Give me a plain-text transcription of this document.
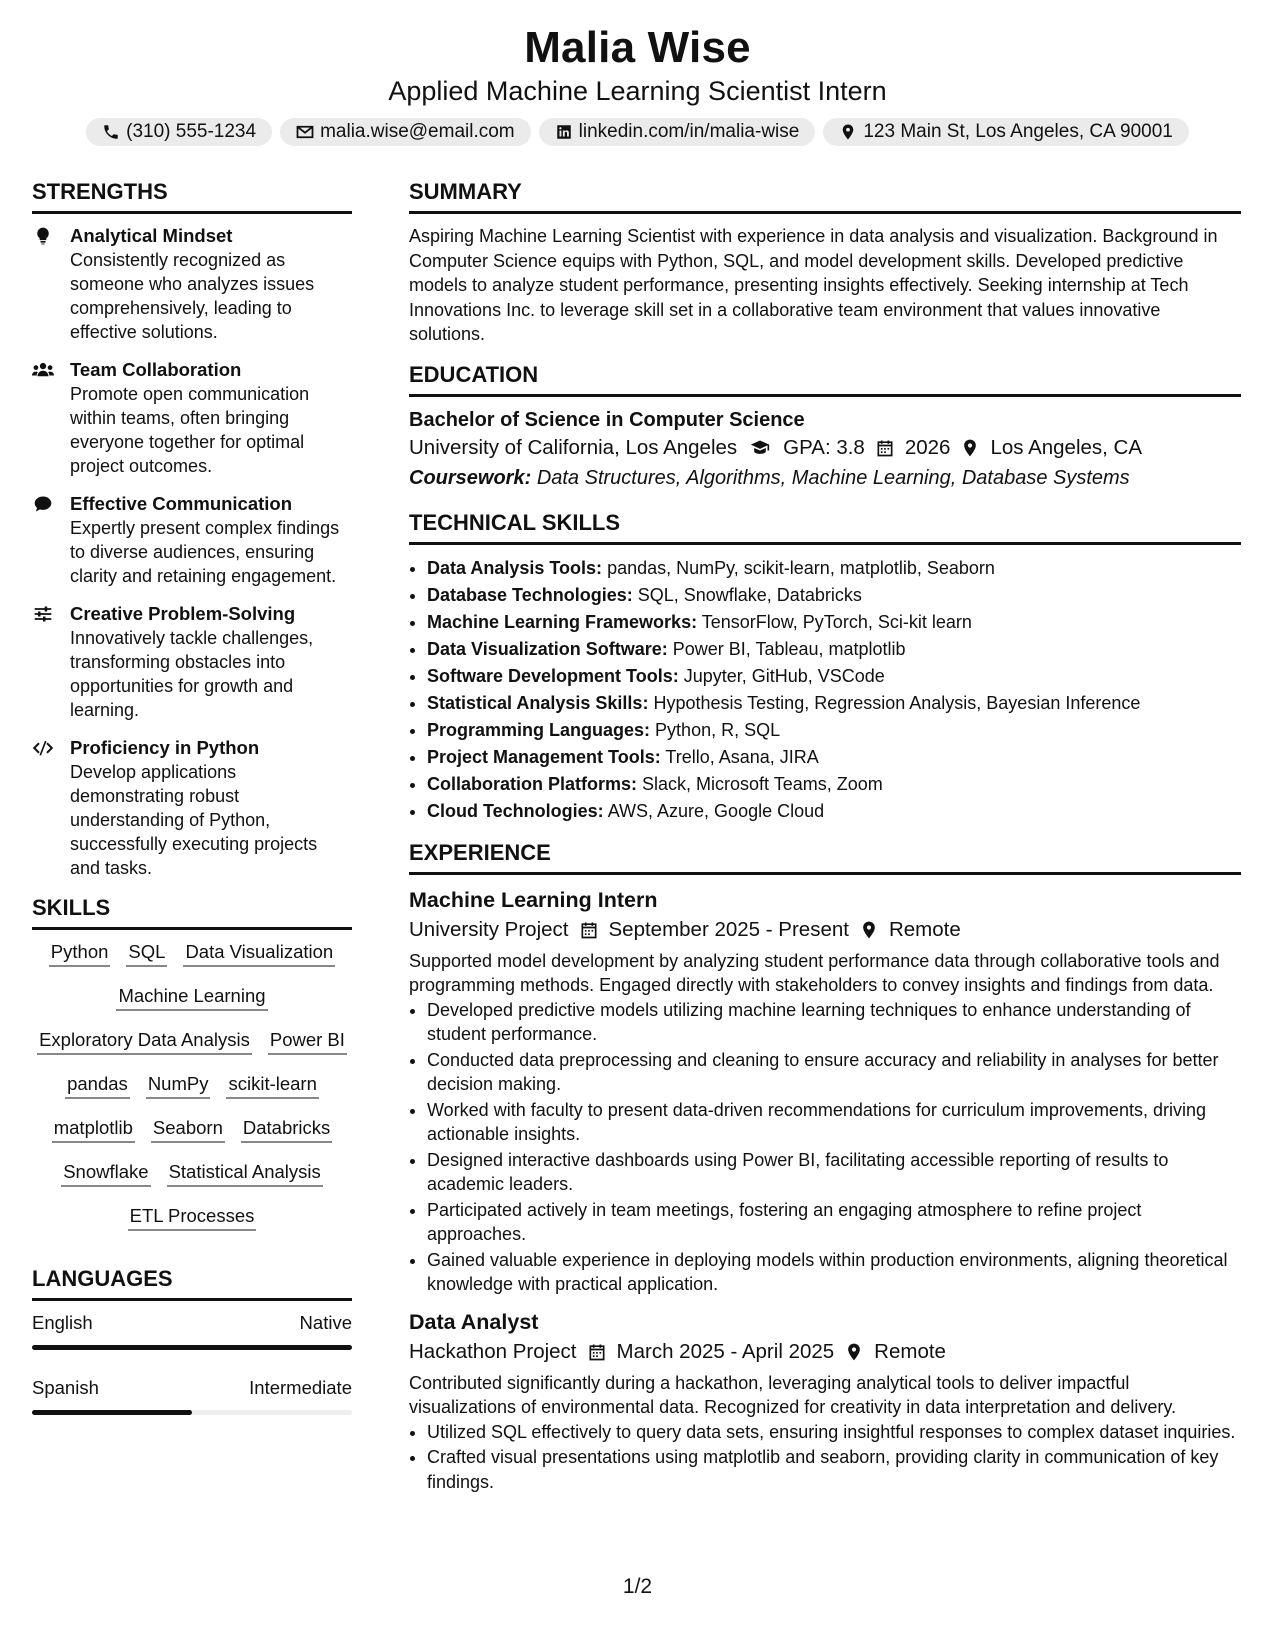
Malia Wise
Applied Machine Learning Scientist Intern
(310) 555-1234	malia.wise@email.com	linkedin.com/in/malia-wise	123 Main St, Los Angeles, CA 90001
STRENGTHS
Analytical Mindset
Consistently recognized as someone who analyzes issues comprehensively, leading to effective solutions.
Team Collaboration
Promote open communication within teams, often bringing everyone together for optimal project outcomes.
Effective Communication
Expertly present complex findings to diverse audiences, ensuring clarity and retaining engagement.
Creative Problem-Solving
Innovatively tackle challenges, transforming obstacles into opportunities for growth and learning.
Proficiency in Python
Develop applications demonstrating robust understanding of Python, successfully executing projects and tasks.
SKILLS
Python SQL Data Visualization
Machine Learning
Exploratory Data Analysis Power BI
pandas NumPy scikit-learn
matplotlib Seaborn Databricks
Snowflake Statistical Analysis
ETL Processes
LANGUAGES
English	Native
Spanish	Intermediate
SUMMARY
Aspiring Machine Learning Scientist with experience in data analysis and visualization. Background in Computer Science equips with Python, SQL, and model development skills. Developed predictive models to analyze student performance, presenting insights effectively. Seeking internship at Tech Innovations Inc. to leverage skill set in a collaborative team environment that values innovative solutions.
EDUCATION
Bachelor of Science in Computer Science
University of California, Los Angeles GPA: 3.8 2026 Los Angeles, CA
Coursework: Data Structures, Algorithms, Machine Learning, Database Systems
TECHNICAL SKILLS
• Data Analysis Tools: pandas, NumPy, scikit-learn, matplotlib, Seaborn
• Database Technologies: SQL, Snowflake, Databricks
• Machine Learning Frameworks: TensorFlow, PyTorch, Sci-kit learn
• Data Visualization Software: Power BI, Tableau, matplotlib
• Software Development Tools: Jupyter, GitHub, VSCode
• Statistical Analysis Skills: Hypothesis Testing, Regression Analysis, Bayesian Inference
• Programming Languages: Python, R, SQL
• Project Management Tools: Trello, Asana, JIRA
• Collaboration Platforms: Slack, Microsoft Teams, Zoom
• Cloud Technologies: AWS, Azure, Google Cloud
EXPERIENCE
Machine Learning Intern
University Project September 2025 - Present Remote
Supported model development by analyzing student performance data through collaborative tools and programming methods. Engaged directly with stakeholders to convey insights and findings from data.
• Developed predictive models utilizing machine learning techniques to enhance understanding of student performance.
• Conducted data preprocessing and cleaning to ensure accuracy and reliability in analyses for better decision making.
• Worked with faculty to present data-driven recommendations for curriculum improvements, driving actionable insights.
• Designed interactive dashboards using Power BI, facilitating accessible reporting of results to academic leaders.
• Participated actively in team meetings, fostering an engaging atmosphere to refine project approaches.
• Gained valuable experience in deploying models within production environments, aligning theoretical knowledge with practical application.
Data Analyst
Hackathon Project March 2025 - April 2025 Remote
Contributed significantly during a hackathon, leveraging analytical tools to deliver impactful visualizations of environmental data. Recognized for creativity in data interpretation and delivery.
• Utilized SQL effectively to query data sets, ensuring insightful responses to complex dataset inquiries.
• Crafted visual presentations using matplotlib and seaborn, providing clarity in communication of key findings.
1/2
